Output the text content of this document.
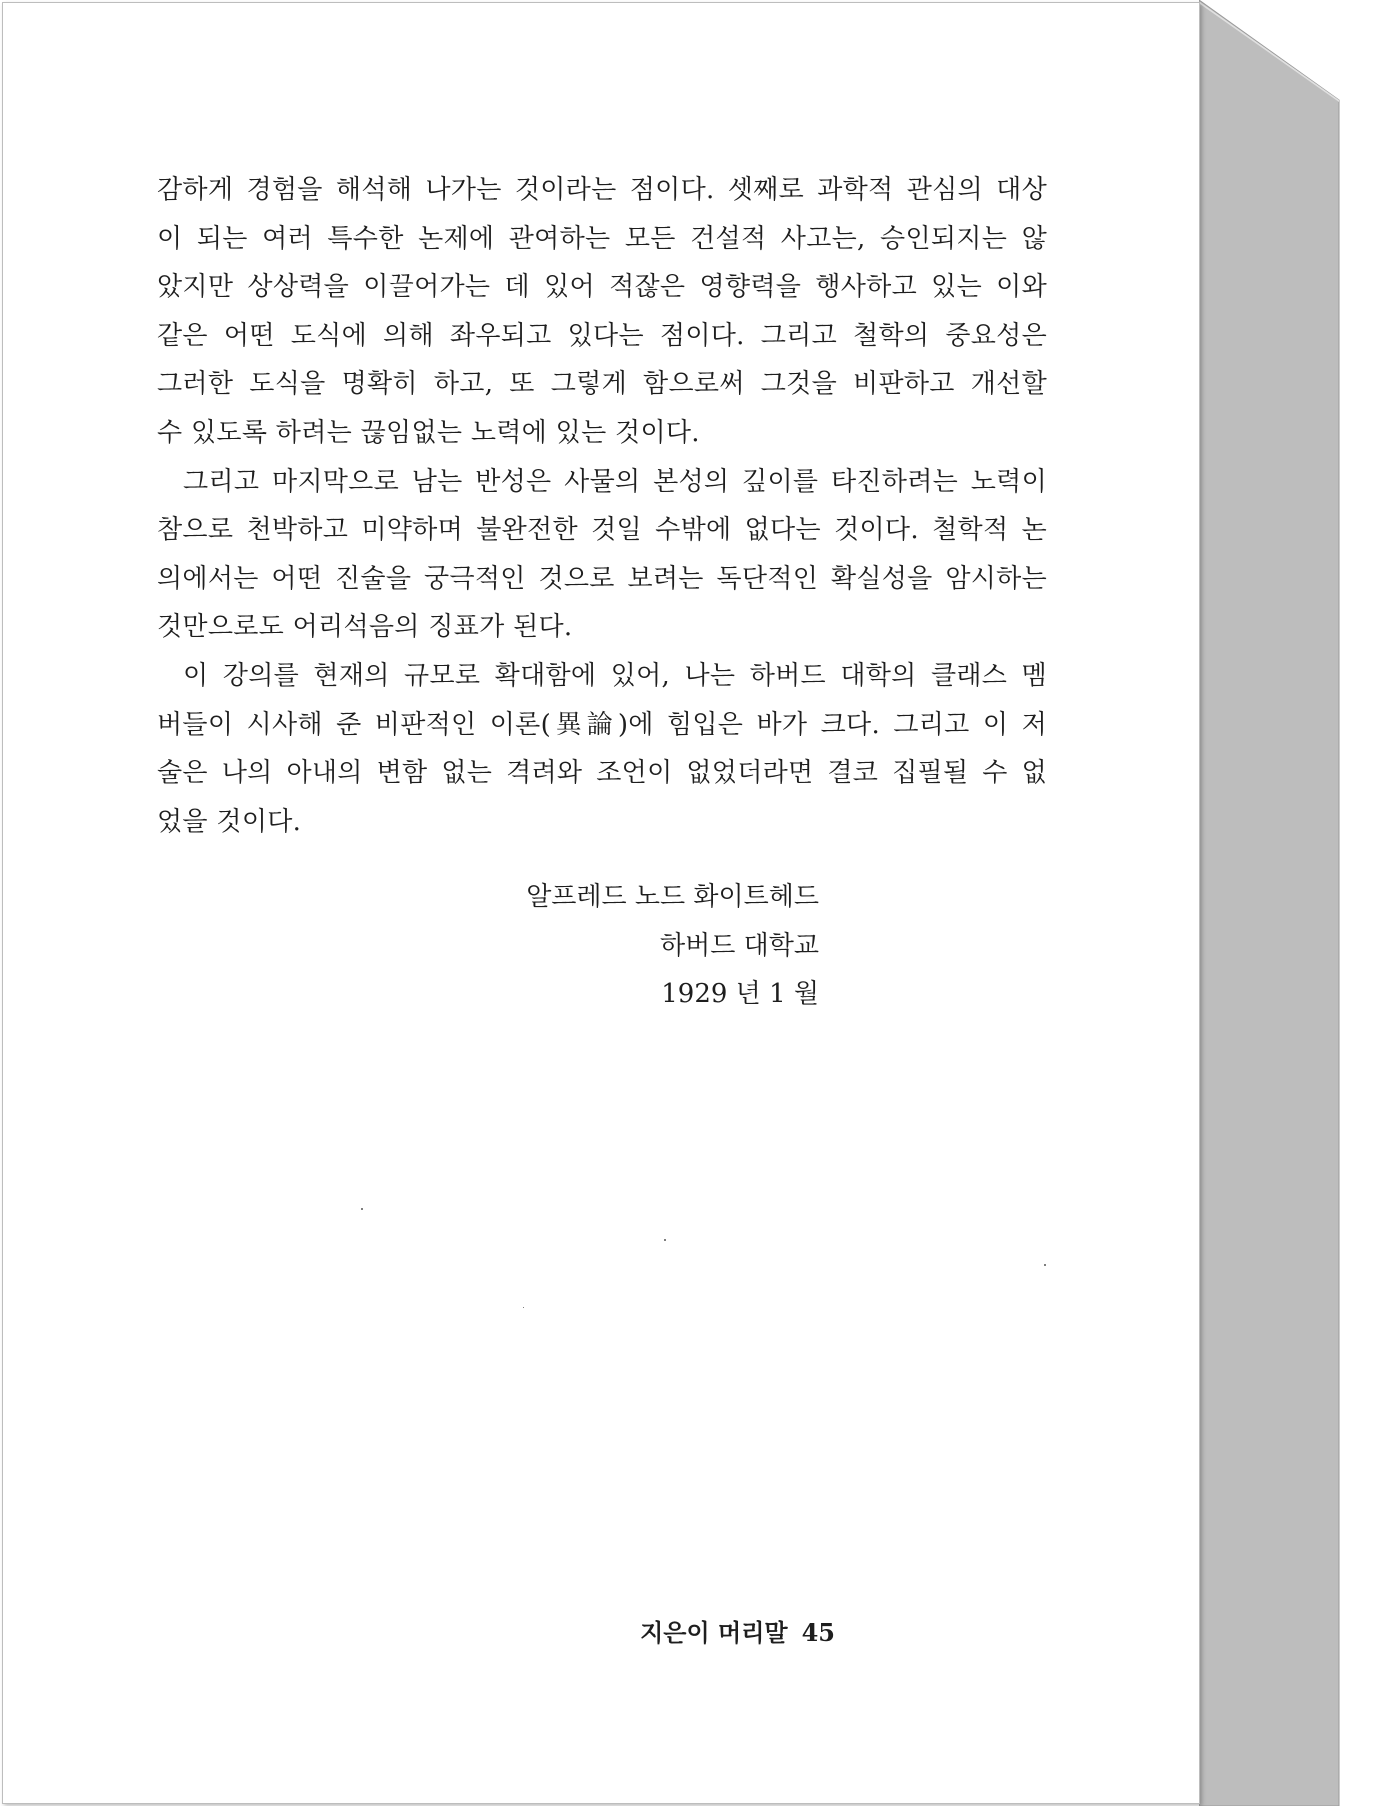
감하게 경험을 해석해 나가는 것이라는 점이다. 셋째로 과학적 관심의 대상
이 되는 여러 특수한 논제에 관여하는 모든 건설적 사고는, 승인되지는 않
았지만 상상력을 이끌어가는 데 있어 적잖은 영향력을 행사하고 있는 이와
같은 어떤 도식에 의해 좌우되고 있다는 점이다. 그리고 철학의 중요성은
그러한 도식을 명확히 하고, 또 그렇게 함으로써 그것을 비판하고 개선할
수 있도록 하려는 끊임없는 노력에 있는 것이다.

그리고 마지막으로 남는 반성은 사물의 본성의 깊이를 타진하려는 노력이
참으로 천박하고 미약하며 불완전한 것일 수밖에 없다는 것이다. 철학적 논
의에서는 어떤 진술을 궁극적인 것으로 보려는 독단적인 확실성을 암시하는
것만으로도 어리석음의 징표가 된다.

이 강의를 현재의 규모로 확대함에 있어, 나는 하버드 대학의 클래스 멤
버들이 시사해 준 비판적인 이론(異論)에 힘입은 바가 크다. 그리고 이 저
술은 나의 아내의 변함 없는 격려와 조언이 없었더라면 결코 집필될 수 없
었을 것이다.

알프레드 노드 화이트헤드
하버드 대학교
1929 년 1 월
지은이 머리말 45
